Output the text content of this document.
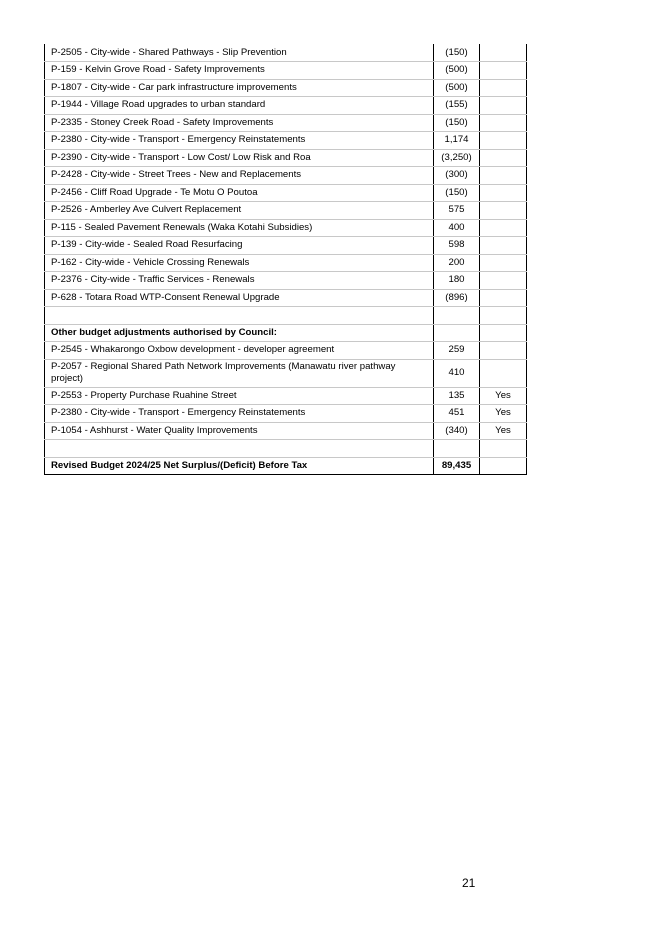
P-2505 - City-wide - Shared Pathways - Slip Prevention	(150)	
P-159 - Kelvin Grove Road - Safety Improvements	(500)	
P-1807 - City-wide - Car park infrastructure improvements	(500)	
P-1944 - Village Road upgrades to urban standard	(155)	
P-2335 - Stoney Creek Road - Safety Improvements	(150)	
P-2380 - City-wide - Transport - Emergency Reinstatements	1,174	
P-2390 - City-wide - Transport - Low Cost/ Low Risk and Roa	(3,250)	
P-2428 - City-wide - Street Trees - New and Replacements	(300)	
P-2456 - Cliff Road Upgrade - Te Motu O Poutoa	(150)	
P-2526 - Amberley Ave Culvert Replacement	575	
P-115 - Sealed Pavement Renewals (Waka Kotahi Subsidies)	400	
P-139 - City-wide - Sealed Road Resurfacing	598	
P-162 - City-wide - Vehicle Crossing Renewals	200	
P-2376 - City-wide - Traffic Services - Renewals	180	
P-628 - Totara Road WTP-Consent Renewal Upgrade	(896)	

Other budget adjustments authorised by Council:		
P-2545 - Whakarongo Oxbow development - developer agreement	259	
P-2057 - Regional Shared Path Network Improvements (Manawatu river pathway project)	410	
P-2553 - Property Purchase Ruahine Street	135	Yes
P-2380 - City-wide - Transport - Emergency Reinstatements	451	Yes
P-1054 - Ashhurst - Water Quality Improvements	(340)	Yes

Revised Budget 2024/25 Net Surplus/(Deficit) Before Tax	89,435	
21
